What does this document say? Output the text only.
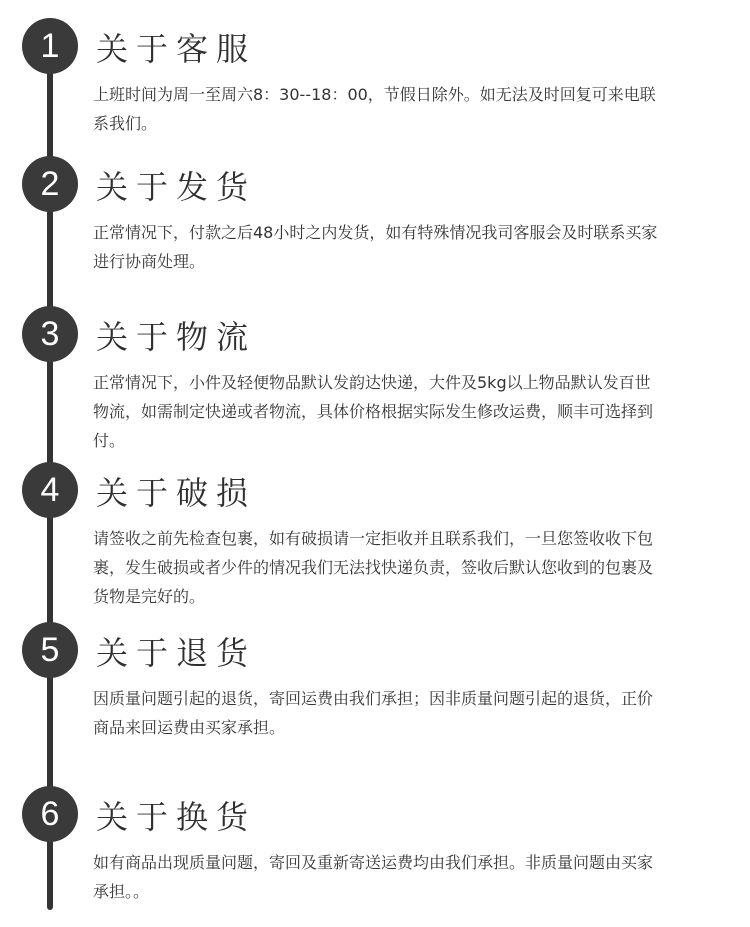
1	关于客服
上班时间为周一至周六8：30--18：00，节假日除外。如无法及时回复可来电联系我们。
2	关于发货
正常情况下，付款之后48小时之内发货，如有特殊情况我司客服会及时联系买家进行协商处理。
3	关于物流
正常情况下，小件及轻便物品默认发韵达快递，大件及5kg以上物品默认发百世物流，如需制定快递或者物流，具体价格根据实际发生修改运费，顺丰可选择到付。
4	关于破损
请签收之前先检查包裹，如有破损请一定拒收并且联系我们，一旦您签收收下包裹，发生破损或者少件的情况我们无法找快递负责，签收后默认您收到的包裹及货物是完好的。
5	关于退货
因质量问题引起的退货，寄回运费由我们承担；因非质量问题引起的退货，正价商品来回运费由买家承担。
6	关于换货
如有商品出现质量问题，寄回及重新寄送运费均由我们承担。非质量问题由买家承担。。
